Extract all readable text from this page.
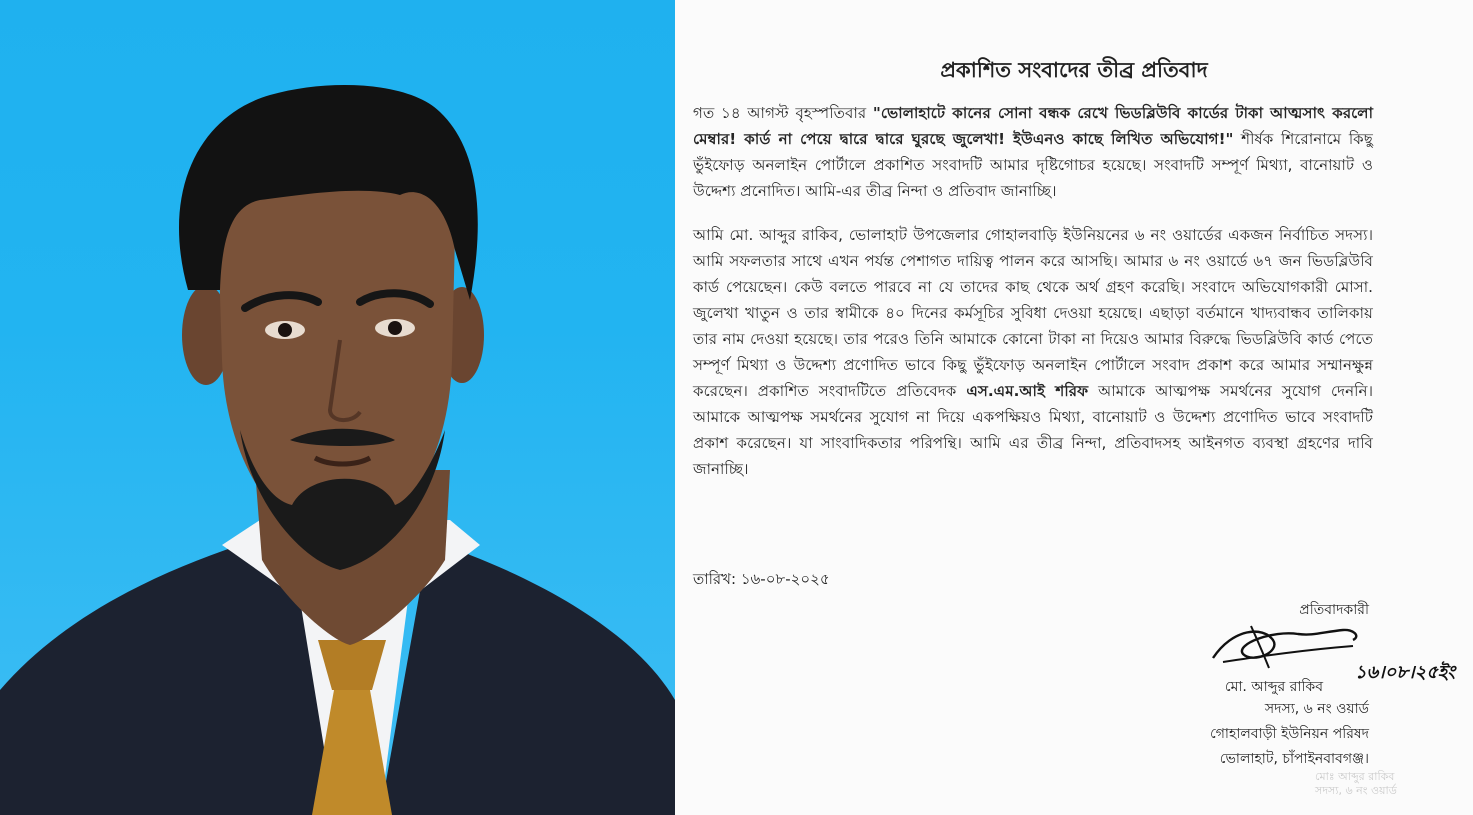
প্রকাশিত সংবাদের তীব্র প্রতিবাদ
গত ১৪ আগস্ট বৃহস্পতিবার "ভোলাহাটে কানের সোনা বন্ধক রেখে ভিডব্লিউবি কার্ডের টাকা আত্মসাৎ করলো মেম্বার! কার্ড না পেয়ে দ্বারে দ্বারে ঘুরছে জুলেখা! ইউএনও কাছে লিখিত অভিযোগ!" শীর্ষক শিরোনামে কিছু ভুঁইফোড় অনলাইন পোর্টালে প্রকাশিত সংবাদটি আমার দৃষ্টিগোচর হয়েছে। সংবাদটি সম্পূর্ণ মিথ্যা, বানোয়াট ও উদ্দেশ্য প্রনোদিত। আমি-এর তীব্র নিন্দা ও প্রতিবাদ জানাচ্ছি।
আমি মো. আব্দুর রাকিব, ভোলাহাট উপজেলার গোহালবাড়ি ইউনিয়নের ৬ নং ওয়ার্ডের একজন নির্বাচিত সদস্য। আমি সফলতার সাথে এখন পর্যন্ত পেশাগত দায়িত্ব পালন করে আসছি। আমার ৬ নং ওয়ার্ডে ৬৭ জন ভিডব্লিউবি কার্ড পেয়েছেন। কেউ বলতে পারবে না যে তাদের কাছ থেকে অর্থ গ্রহণ করেছি। সংবাদে অভিযোগকারী মোসা. জুলেখা খাতুন ও তার স্বামীকে ৪০ দিনের কর্মসূচির সুবিধা দেওয়া হয়েছে। এছাড়া বর্তমানে খাদ্যবান্ধব তালিকায় তার নাম দেওয়া হয়েছে। তার পরেও তিনি আমাকে কোনো টাকা না দিয়েও আমার বিরুদ্ধে ভিডব্লিউবি কার্ড পেতে সম্পূর্ণ মিথ্যা ও উদ্দেশ্য প্রণোদিত ভাবে কিছু ভুঁইফোড় অনলাইন পোর্টালে সংবাদ প্রকাশ করে আমার সম্মানক্ষুন্ন করেছেন। প্রকাশিত সংবাদটিতে প্রতিবেদক এস.এম.আই শরিফ আমাকে আত্মপক্ষ সমর্থনের সুযোগ দেননি। আমাকে আত্মপক্ষ সমর্থনের সুযোগ না দিয়ে একপক্ষিয়ও মিথ্যা, বানোয়াট ও উদ্দেশ্য প্রণোদিত ভাবে সংবাদটি প্রকাশ করেছেন। যা সাংবাদিকতার পরিপন্থি। আমি এর তীব্র নিন্দা, প্রতিবাদসহ আইনগত ব্যবস্থা গ্রহণের দাবি জানাচ্ছি।
তারিখ: ১৬-০৮-২০২৫
প্রতিবাদকারী
১৬।০৮।২৫ইং
মো. আব্দুর রাকিব
সদস্য, ৬ নং ওয়ার্ড
গোহালবাড়ী ইউনিয়ন পরিষদ
ভোলাহাট, চাঁপাইনবাবগঞ্জ।
মোঃ আব্দুর রাকিব
সদস্য, ৬ নং ওয়ার্ড
